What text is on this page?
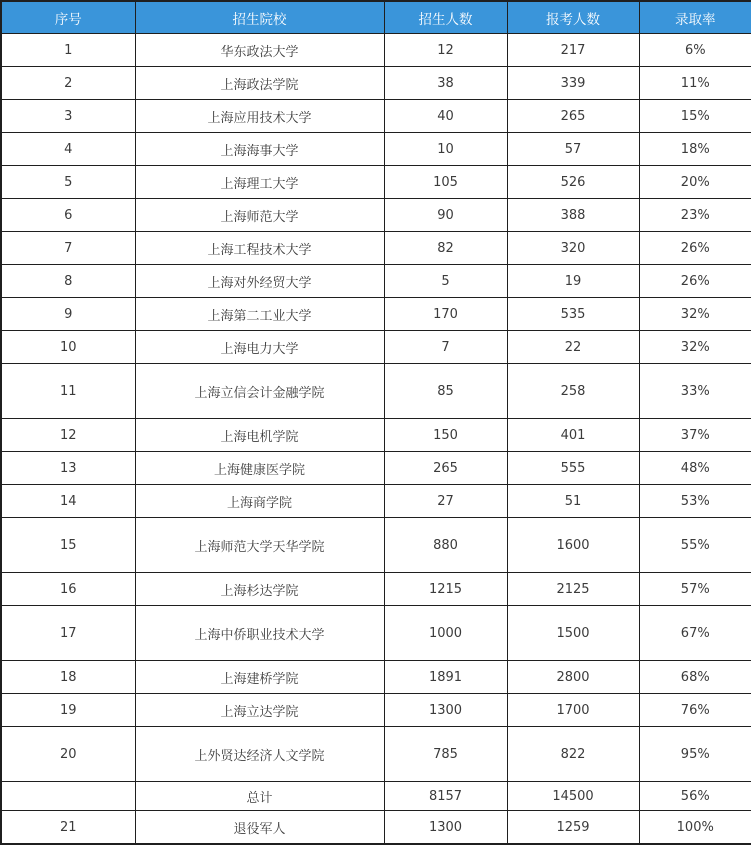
序号	招生院校	招生人数	报考人数	录取率
1	华东政法大学	12	217	6%
2	上海政法学院	38	339	11%
3	上海应用技术大学	40	265	15%
4	上海海事大学	10	57	18%
5	上海理工大学	105	526	20%
6	上海师范大学	90	388	23%
7	上海工程技术大学	82	320	26%
8	上海对外经贸大学	5	19	26%
9	上海第二工业大学	170	535	32%
10	上海电力大学	7	22	32%
11	上海立信会计金融学院	85	258	33%
12	上海电机学院	150	401	37%
13	上海健康医学院	265	555	48%
14	上海商学院	27	51	53%
15	上海师范大学天华学院	880	1600	55%
16	上海杉达学院	1215	2125	57%
17	上海中侨职业技术大学	1000	1500	67%
18	上海建桥学院	1891	2800	68%
19	上海立达学院	1300	1700	76%
20	上外贤达经济人文学院	785	822	95%
	总计	8157	14500	56%
21	退役军人	1300	1259	100%
